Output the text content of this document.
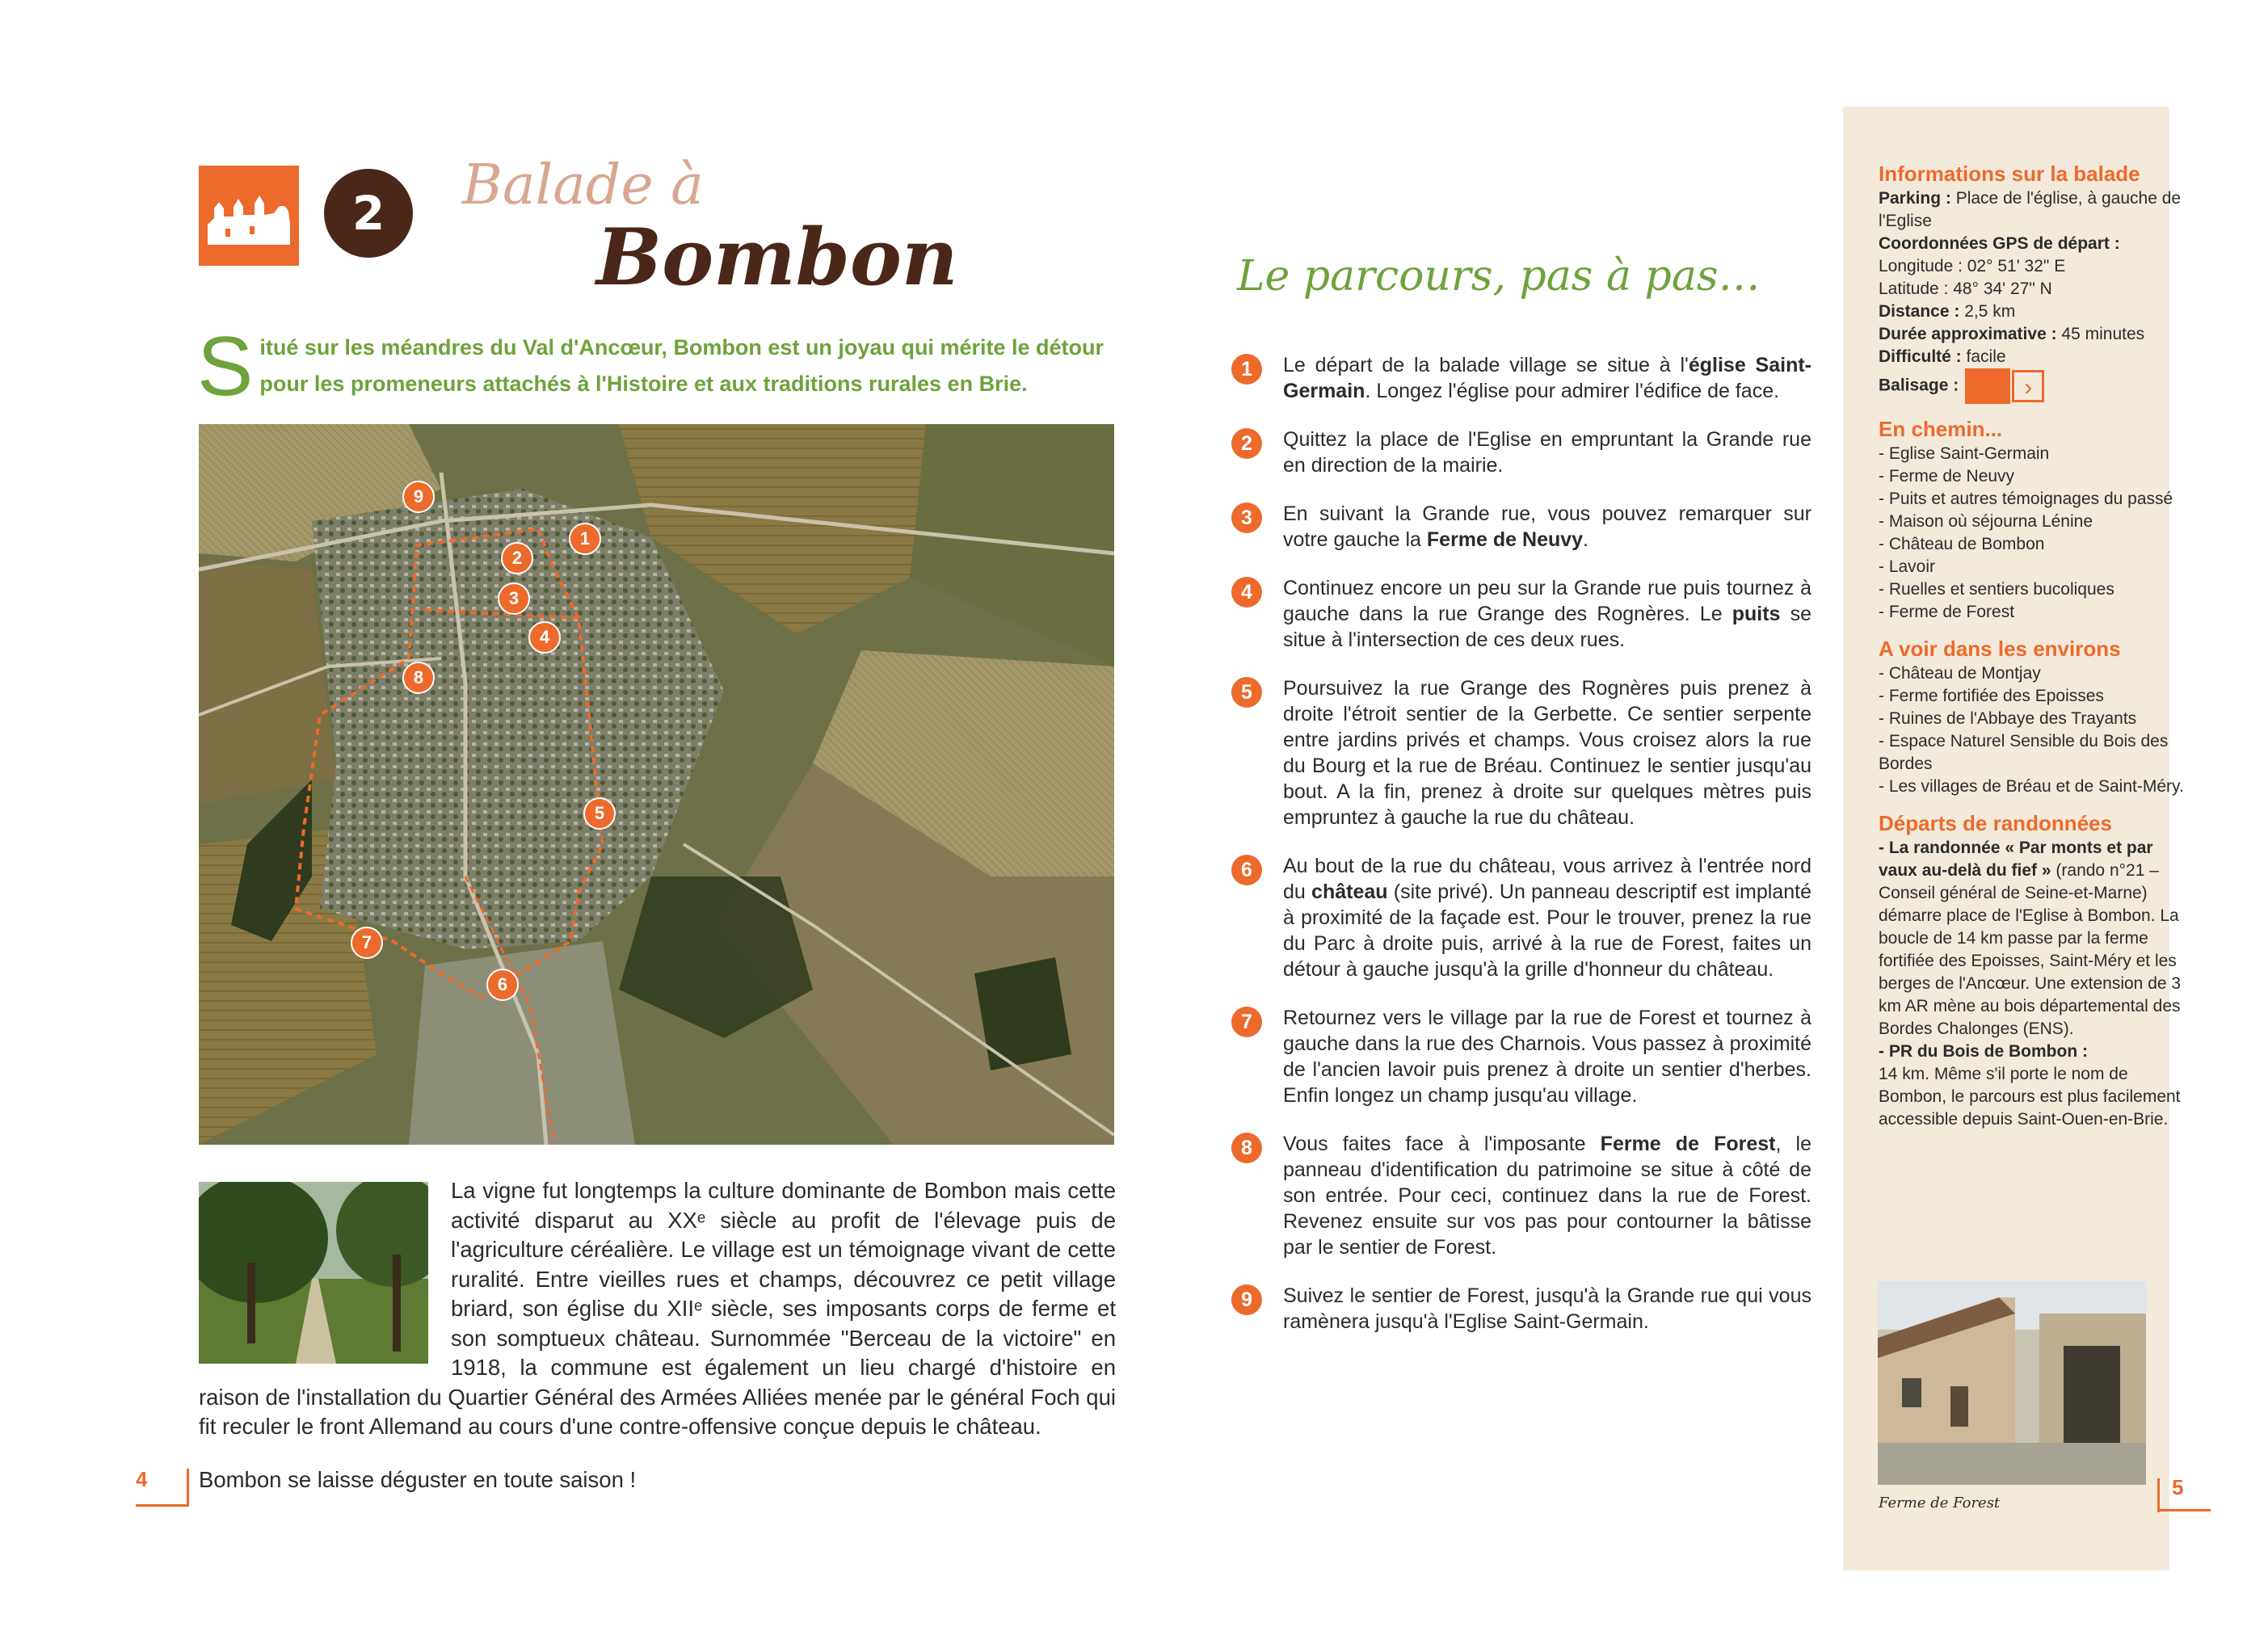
2	Balade à
Bombon
Situé sur les méandres du Val d'Ancœur, Bombon est un joyau qui mérite le détour pour les promeneurs attachés à l'Histoire et aux traditions rurales en Brie.
1
2
3
4
5
6
7
8
9
La vigne fut longtemps la culture dominante de Bombon mais cette activité disparut au XXᵉ siècle au profit de l'élevage puis de l'agriculture céréalière. Le village est un témoignage vivant de cette ruralité. Entre vieilles rues et champs, découvrez ce petit village briard, son église du XIIᵉ siècle, ses imposants corps de ferme et son somptueux château. Surnommée "Berceau de la victoire" en 1918, la commune est également un lieu chargé d'histoire en raison de l'installation du Quartier Général des Armées Alliées menée par le général Foch qui fit reculer le front Allemand au cours d'une contre-offensive conçue depuis le château.
4 Bombon se laisse déguster en toute saison !
Le parcours, pas à pas…
1	Le départ de la balade village se situe à l'église Saint-Germain. Longez l'église pour admirer l'édifice de face.
2	Quittez la place de l'Eglise en empruntant la Grande rue en direction de la mairie.
3	En suivant la Grande rue, vous pouvez remarquer sur votre gauche la Ferme de Neuvy.
4	Continuez encore un peu sur la Grande rue puis tournez à gauche dans la rue Grange des Rognères. Le puits se situe à l'intersection de ces deux rues.
5	Poursuivez la rue Grange des Rognères puis prenez à droite l'étroit sentier de la Gerbette. Ce sentier serpente entre jardins privés et champs. Vous croisez alors la rue du Bourg et la rue de Bréau. Continuez le sentier jusqu'au bout. A la fin, prenez à droite sur quelques mètres puis empruntez à gauche la rue du château.
6	Au bout de la rue du château, vous arrivez à l'entrée nord du château (site privé). Un panneau descriptif est implanté à proximité de la façade est. Pour le trouver, prenez la rue du Parc à droite puis, arrivé à la rue de Forest, faites un détour à gauche jusqu'à la grille d'honneur du château.
7	Retournez vers le village par la rue de Forest et tournez à gauche dans la rue des Charnois. Vous passez à proximité de l'ancien lavoir puis prenez à droite un sentier d'herbes. Enfin longez un champ jusqu'au village.
8	Vous faites face à l'imposante Ferme de Forest, le panneau d'identification du patrimoine se situe à côté de son entrée. Pour ceci, continuez dans la rue de Forest. Revenez ensuite sur vos pas pour contourner la bâtisse par le sentier de Forest.
9	Suivez le sentier de Forest, jusqu'à la Grande rue qui vous ramènera jusqu'à l'Eglise Saint-Germain.
Informations sur la balade

Parking : Place de l'église, à gauche de l'Eglise

Coordonnées GPS de départ :

Longitude : 02° 51' 32" E

Latitude : 48° 34' 27" N

Distance : 2,5 km

Durée approximative : 45 minutes

Difficulté : facile

Balisage :	›

En chemin...

- Eglise Saint-Germain

- Ferme de Neuvy

- Puits et autres témoignages du passé

- Maison où séjourna Lénine

- Château de Bombon

- Lavoir

- Ruelles et sentiers bucoliques

- Ferme de Forest

A voir dans les environs

- Château de Montjay

- Ferme fortifiée des Epoisses

- Ruines de l'Abbaye des Trayants

- Espace Naturel Sensible du Bois des Bordes

- Les villages de Bréau et de Saint-Méry.

Départs de randonnées

- La randonnée « Par monts et par vaux au-delà du fief » (rando n°21 – Conseil général de Seine-et-Marne) démarre place de l'Eglise à Bombon. La boucle de 14 km passe par la ferme fortifiée des Epoisses, Saint-Méry et les berges de l'Ancœur. Une extension de 3 km AR mène au bois départemental des Bordes Chalonges (ENS).

- PR du Bois de Bombon :

14 km. Même s'il porte le nom de Bombon, le parcours est plus facilement accessible depuis Saint-Ouen-en-Brie.

Ferme de Forest
5
